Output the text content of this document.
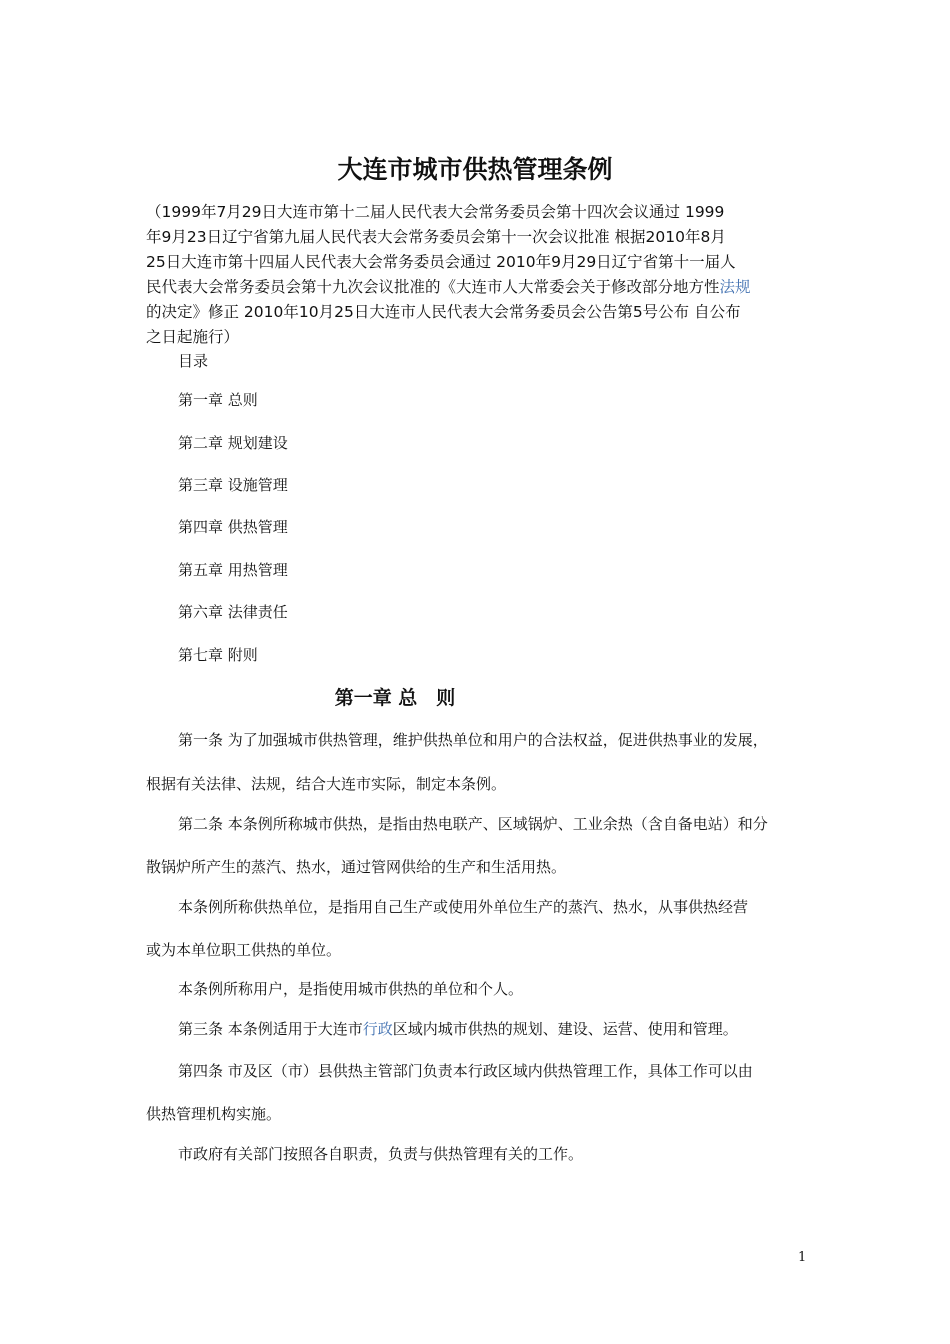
大连市城市供热管理条例

（1999年7月29日大连市第十二届人民代表大会常务委员会第十四次会议通过 1999

年9月23日辽宁省第九届人民代表大会常务委员会第十一次会议批准 根据2010年8月

25日大连市第十四届人民代表大会常务委员会通过 2010年9月29日辽宁省第十一届人

民代表大会常务委员会第十九次会议批准的《大连市人大常委会关于修改部分地方性法规

的决定》修正 2010年10月25日大连市人民代表大会常务委员会公告第5号公布 自公布

之日起施行）

目录
第一章 总则
第二章 规划建设
第三章 设施管理
第四章 供热管理
第五章 用热管理
第六章 法律责任
第七章 附则
第一章 总　则
第一条 为了加强城市供热管理，维护供热单位和用户的合法权益，促进供热事业的发展，
根据有关法律、法规，结合大连市实际，制定本条例。
第二条 本条例所称城市供热，是指由热电联产、区域锅炉、工业余热（含自备电站）和分
散锅炉所产生的蒸汽、热水，通过管网供给的生产和生活用热。
本条例所称供热单位，是指用自己生产或使用外单位生产的蒸汽、热水，从事供热经营
或为本单位职工供热的单位。
本条例所称用户，是指使用城市供热的单位和个人。
第三条 本条例适用于大连市行政区域内城市供热的规划、建设、运营、使用和管理。
第四条 市及区（市）县供热主管部门负责本行政区域内供热管理工作，具体工作可以由
供热管理机构实施。
市政府有关部门按照各自职责，负责与供热管理有关的工作。
1
